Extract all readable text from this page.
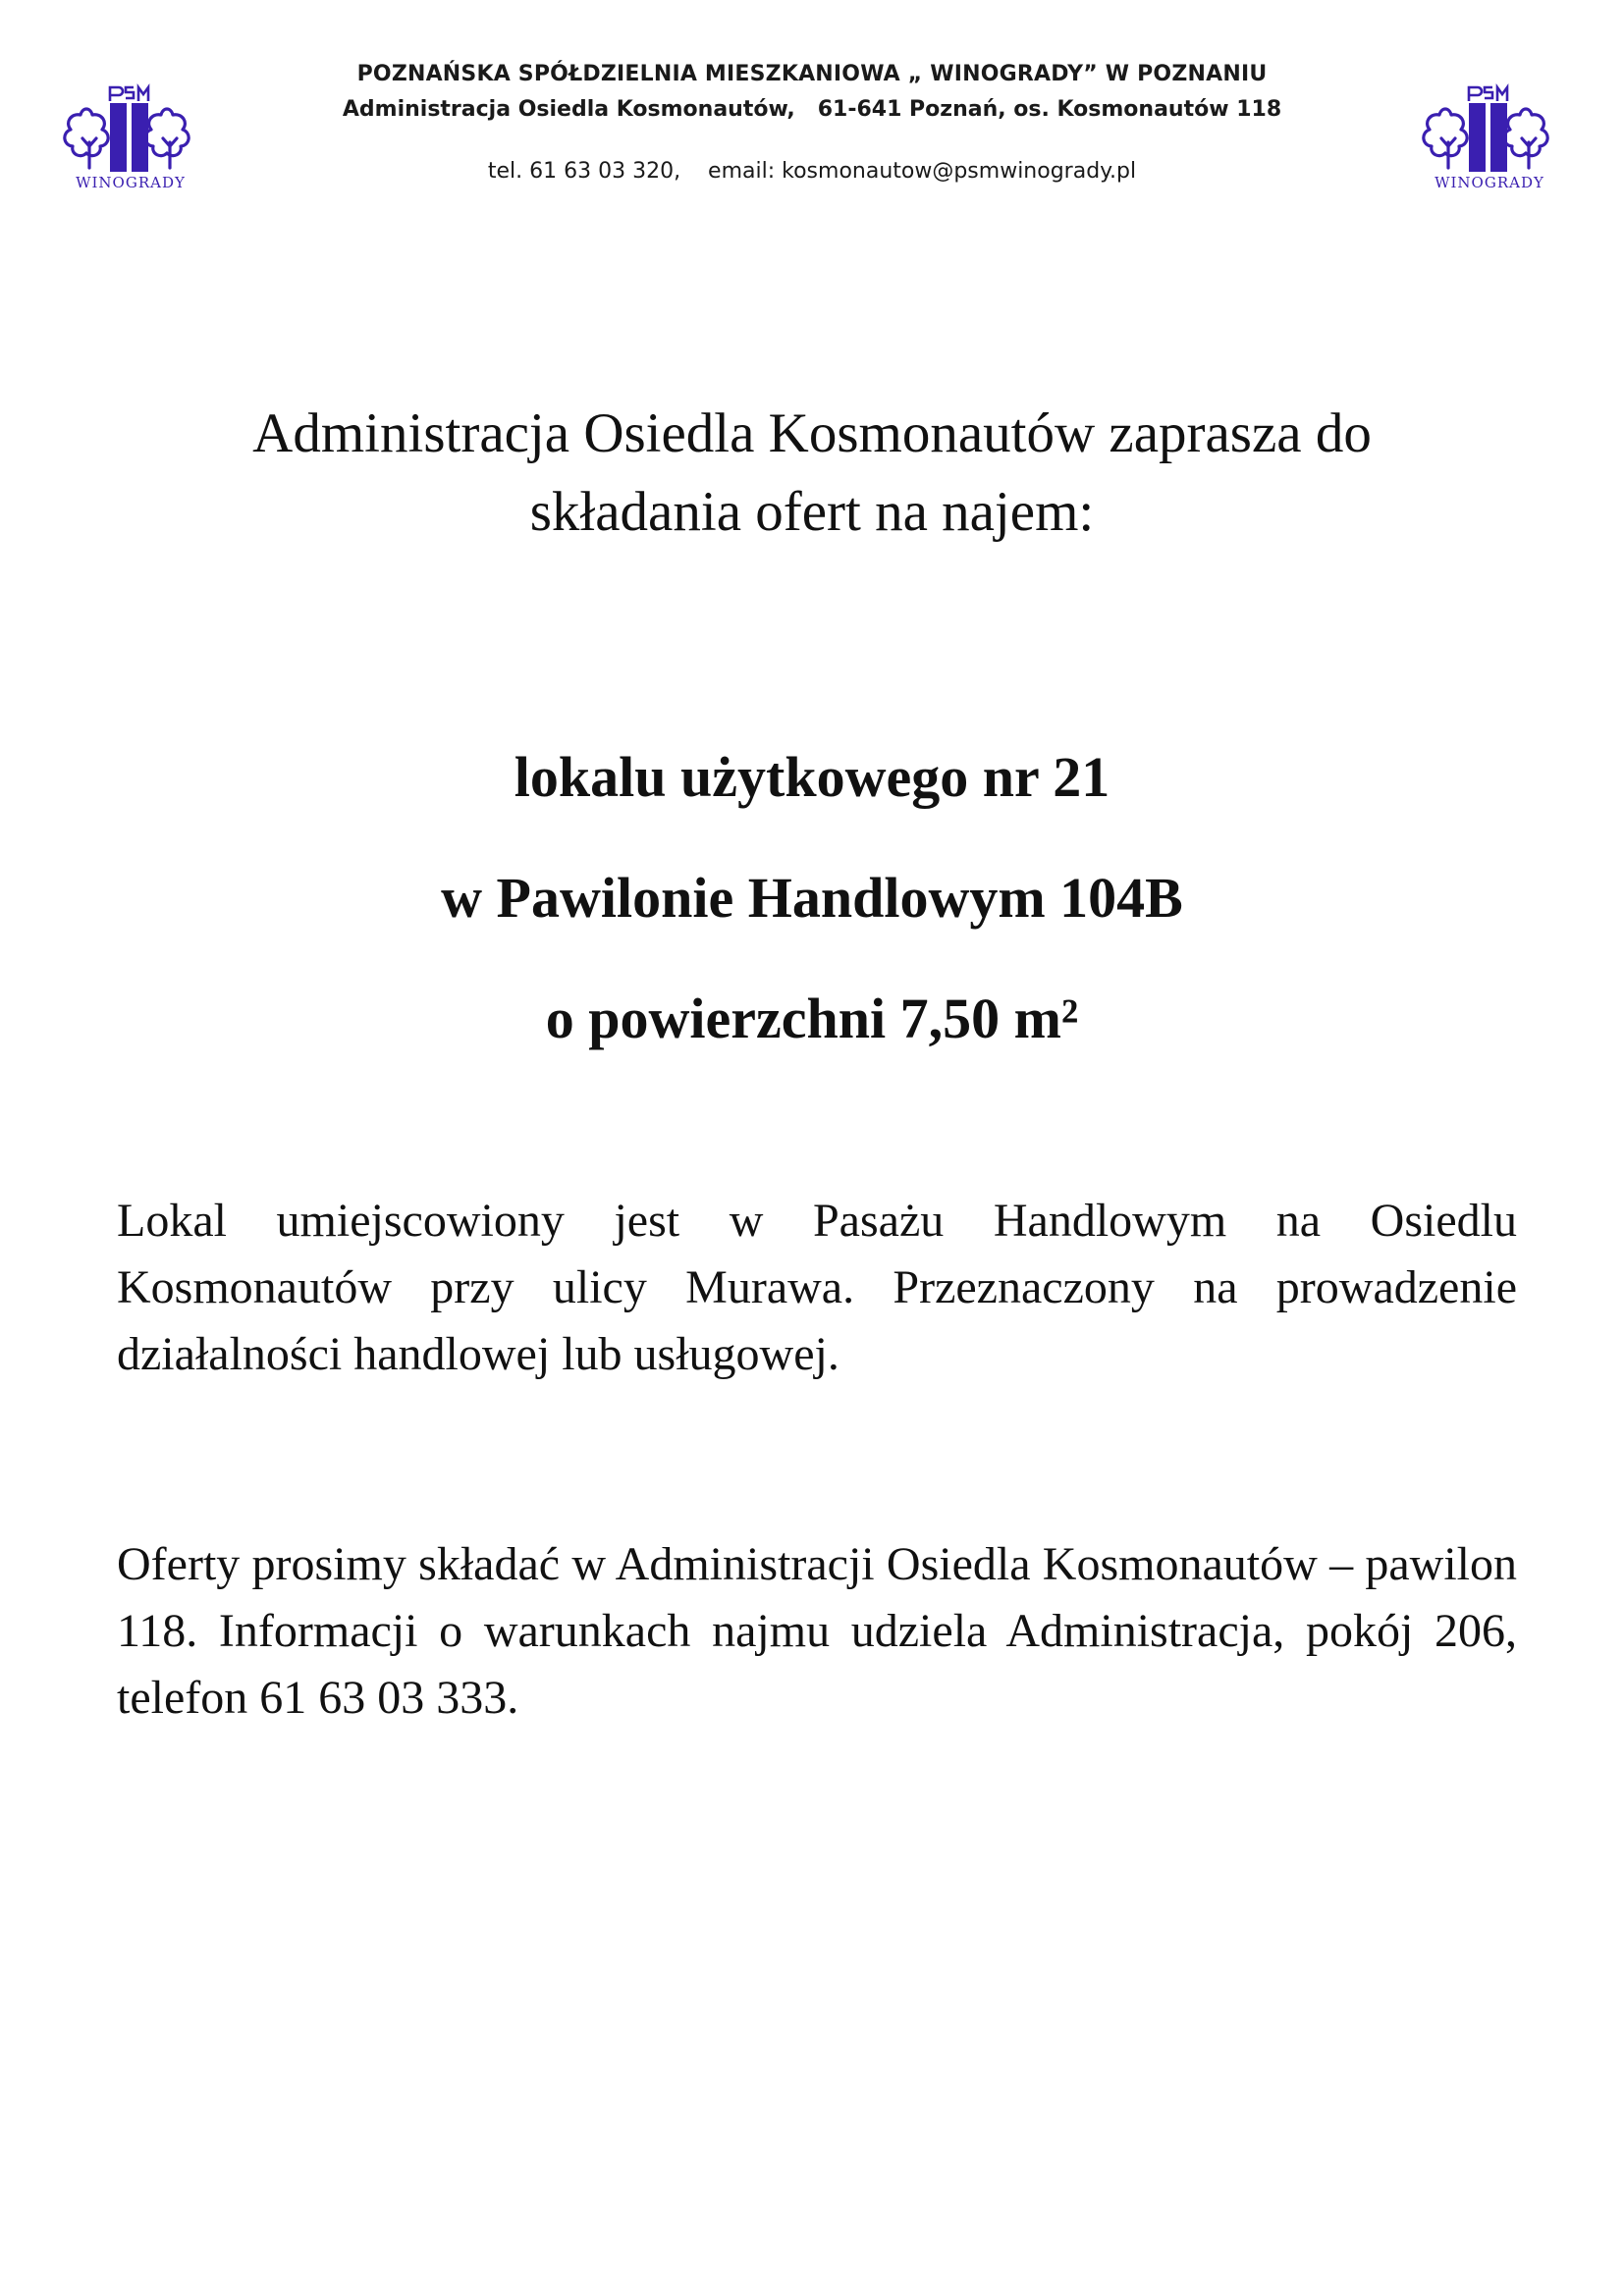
WINOGRADY	WINOGRADY
POZNAŃSKA SPÓŁDZIELNIA MIESZKANIOWA „ WINOGRADY” W POZNANIU
Administracja Osiedla Kosmonautów,   61-641 Poznań, os. Kosmonautów 118
tel. 61 63 03 320,    email: kosmonautow@psmwinogrady.pl
Administracja Osiedla Kosmonautów zaprasza do
składania ofert na najem:
lokalu użytkowego nr 21
w Pawilonie Handlowym 104B
o powierzchni 7,50 m²
Lokal umiejscowiony jest w Pasażu Handlowym na Osiedlu Kosmonautów przy ulicy Murawa. Przeznaczony na prowadzenie działalności handlowej lub usługowej.
Oferty prosimy składać w Administracji Osiedla Kosmonautów – pawilon 118. Informacji o warunkach najmu udziela Administracja, pokój 206, telefon 61 63 03 333.
